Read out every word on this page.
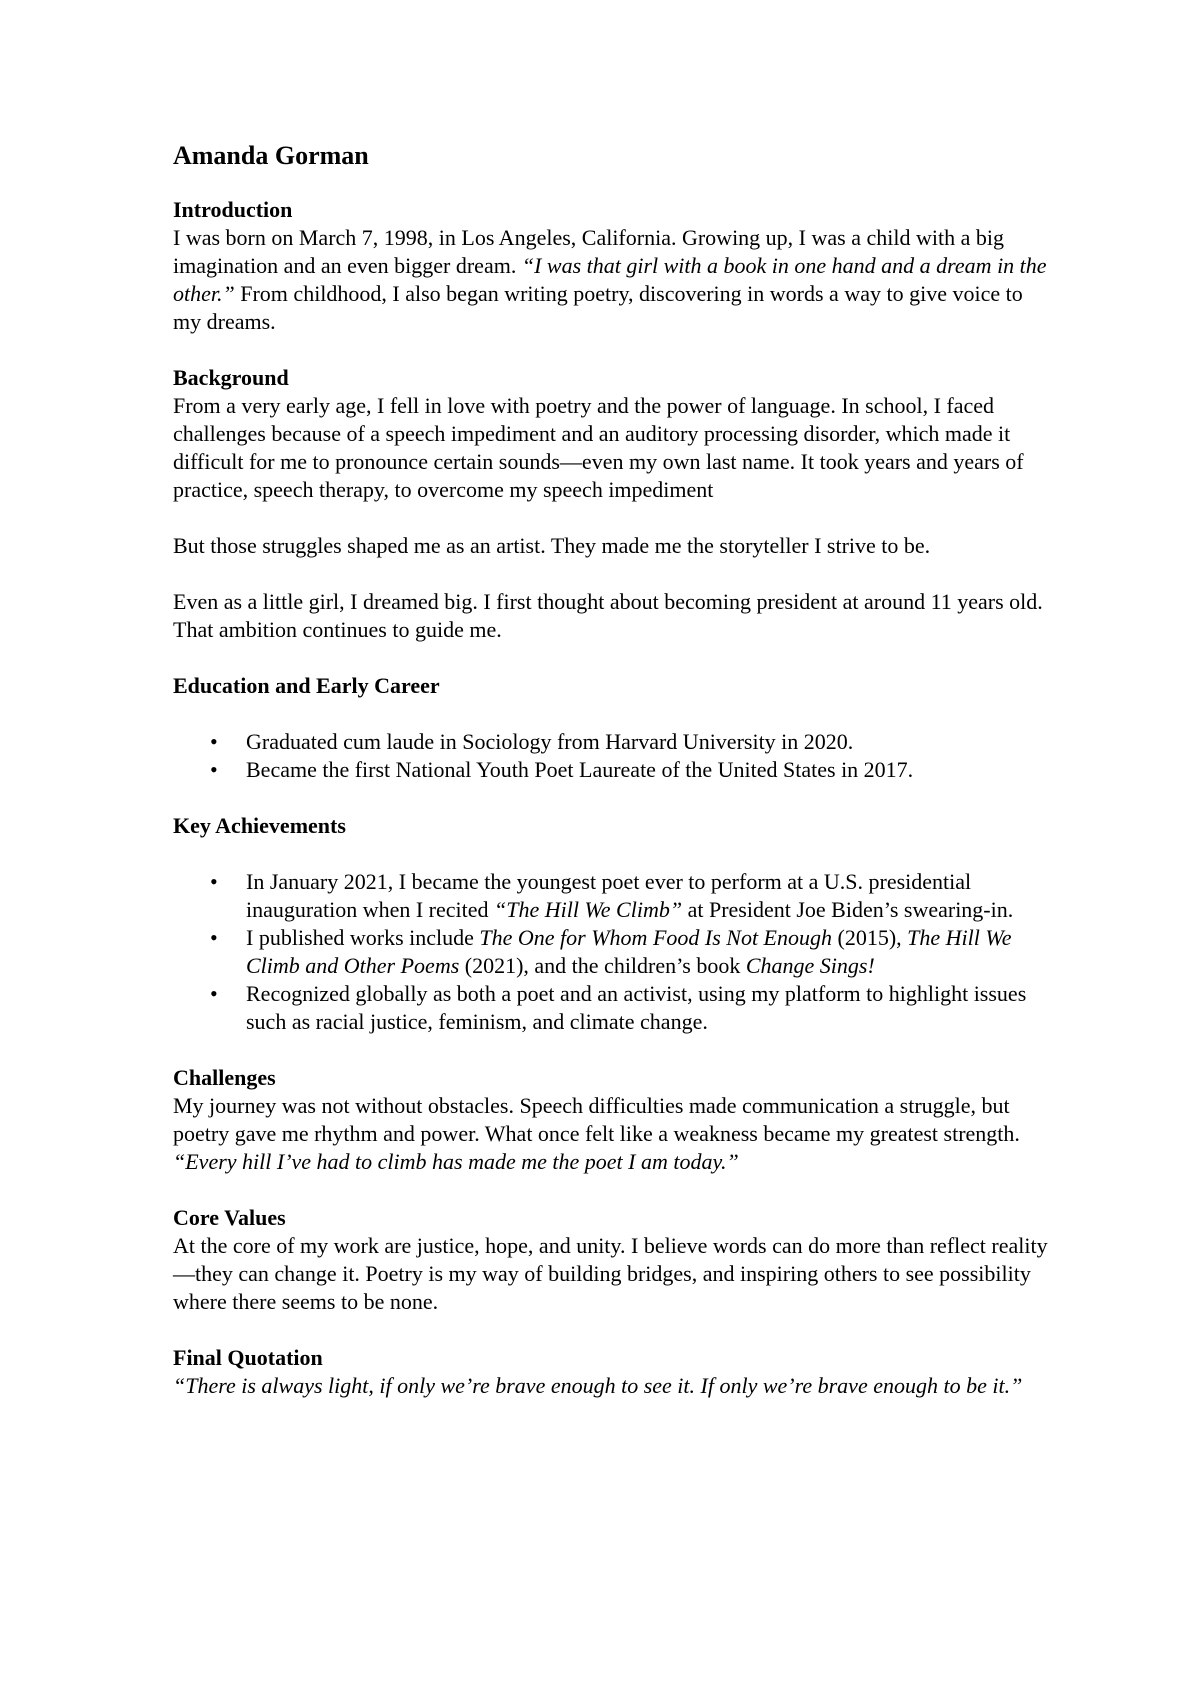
Amanda Gorman
Introduction

I was born on March 7, 1998, in Los Angeles, California. Growing up, I was a child with a big imagination and an even bigger dream. “I was that girl with a book in one hand and a dream in the other.” From childhood, I also began writing poetry, discovering in words a way to give voice to my dreams.

Background

From a very early age, I fell in love with poetry and the power of language. In school, I faced challenges because of a speech impediment and an auditory processing disorder, which made it difficult for me to pronounce certain sounds—even my own last name. It took years and years of practice, speech therapy, to overcome my speech impediment

But those struggles shaped me as an artist. They made me the storyteller I strive to be.

Even as a little girl, I dreamed big. I first thought about becoming president at around 11 years old. That ambition continues to guide me.

Education and Early Career
• Graduated cum laude in Sociology from Harvard University in 2020.
• Became the first National Youth Poet Laureate of the United States in 2017.
Key Achievements
• In January 2021, I became the youngest poet ever to perform at a U.S. presidential inauguration when I recited “The Hill We Climb” at President Joe Biden’s swearing-in.
• I published works include The One for Whom Food Is Not Enough (2015), The Hill We Climb and Other Poems (2021), and the children’s book Change Sings!
• Recognized globally as both a poet and an activist, using my platform to highlight issues such as racial justice, feminism, and climate change.
Challenges

My journey was not without obstacles. Speech difficulties made communication a struggle, but poetry gave me rhythm and power. What once felt like a weakness became my greatest strength. “Every hill I’ve had to climb has made me the poet I am today.”

Core Values

At the core of my work are justice, hope, and unity. I believe words can do more than reflect reality—they can change it. Poetry is my way of building bridges, and inspiring others to see possibility where there seems to be none.

Final Quotation

“There is always light, if only we’re brave enough to see it. If only we’re brave enough to be it.”
